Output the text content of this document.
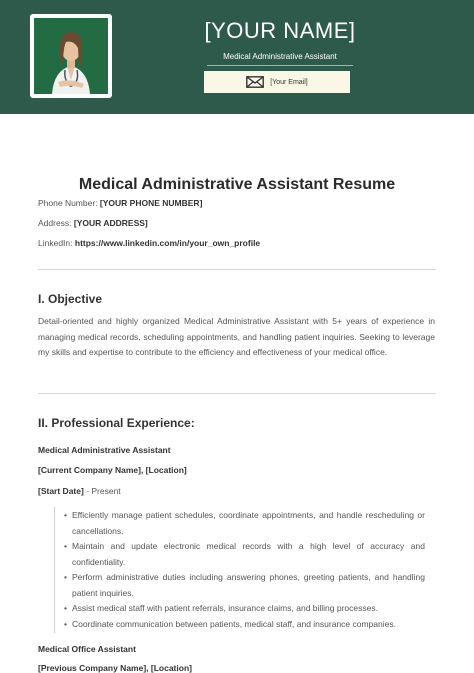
[YOUR NAME]
Medical Administrative Assistant
[Your Email]
Medical Administrative Assistant Resume
Phone Number: [YOUR PHONE NUMBER]
Address: [YOUR ADDRESS]
LinkedIn: https://www.linkedin.com/in/your_own_profile
I. Objective
Detail-oriented and highly organized Medical Administrative Assistant with 5+ years of experience in managing medical records, scheduling appointments, and handling patient inquiries. Seeking to leverage my skills and expertise to contribute to the efficiency and effectiveness of your medical office.
II. Professional Experience:
Medical Administrative Assistant
[Current Company Name], [Location]
[Start Date] - Present
• Efficiently manage patient schedules, coordinate appointments, and handle rescheduling or cancellations.
• Maintain and update electronic medical records with a high level of accuracy and confidentiality.
• Perform administrative duties including answering phones, greeting patients, and handling patient inquiries.
• Assist medical staff with patient referrals, insurance claims, and billing processes.
• Coordinate communication between patients, medical staff, and insurance companies.
Medical Office Assistant
[Previous Company Name], [Location]
